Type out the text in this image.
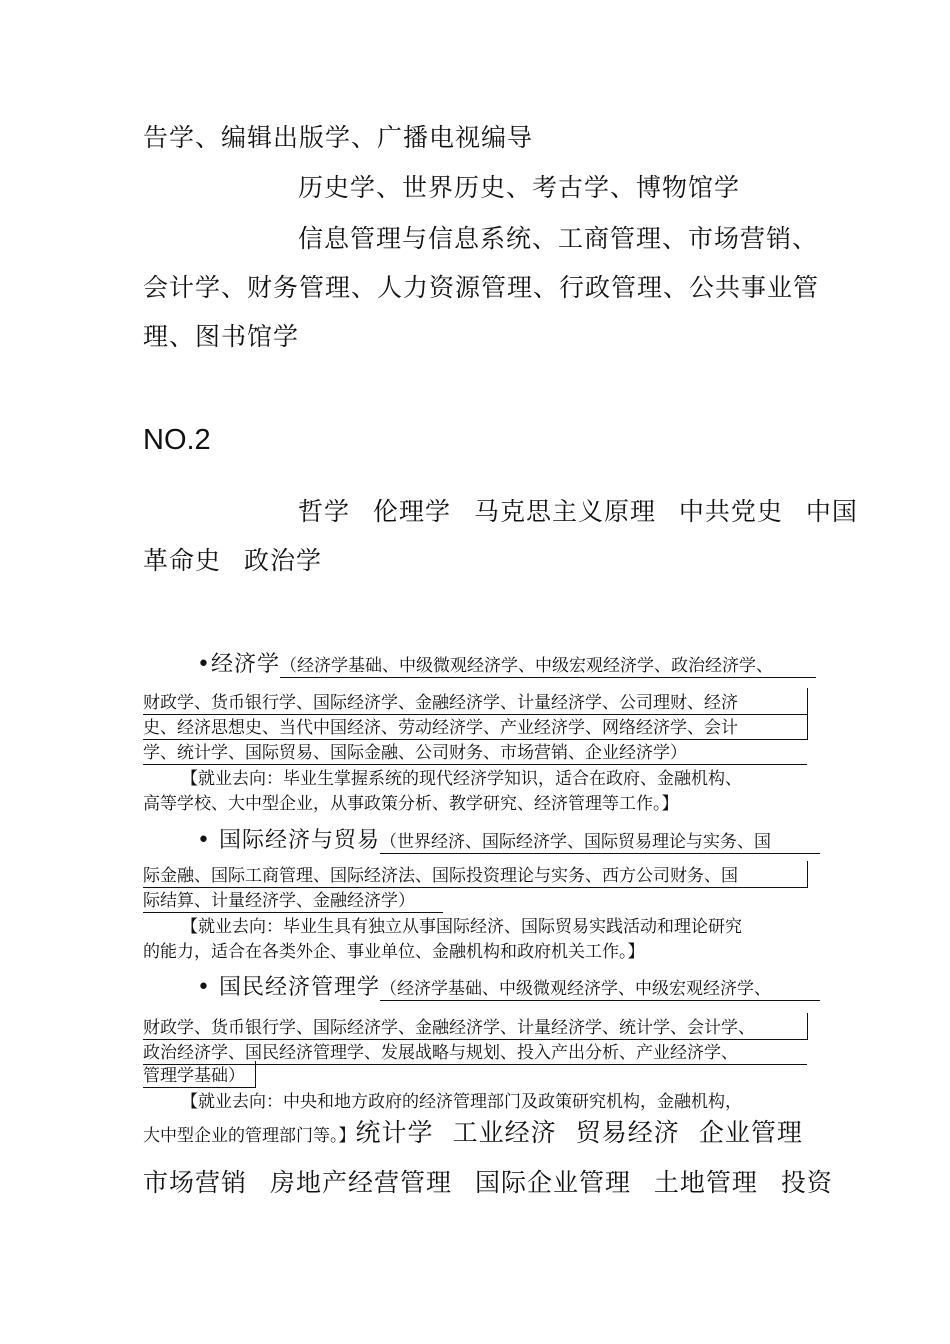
告学、编辑出版学、广播电视编导
历史学、世界历史、考古学、博物馆学
信息管理与信息系统、工商管理、市场营销、
会计学、财务管理、人力资源管理、行政管理、公共事业管
理、图书馆学
NO.2
哲学 伦理学 马克思主义原理 中共党史 中国
革命史 政治学
•经济学（经济学基础、中级微观经济学、中级宏观经济学、政治经济学、
财政学、货币银行学、国际经济学、金融经济学、计量经济学、公司理财、经济
史、经济思想史、当代中国经济、劳动经济学、产业经济学、网络经济学、会计
学、统计学、国际贸易、国际金融、公司财务、市场营销、企业经济学）
【就业去向：毕业生掌握系统的现代经济学知识，适合在政府、金融机构、
高等学校、大中型企业，从事政策分析、教学研究、经济管理等工作。】
• 国际经济与贸易（世界经济、国际经济学、国际贸易理论与实务、国
际金融、国际工商管理、国际经济法、国际投资理论与实务、西方公司财务、国
际结算、计量经济学、金融经济学）
【就业去向：毕业生具有独立从事国际经济、国际贸易实践活动和理论研究
的能力，适合在各类外企、事业单位、金融机构和政府机关工作。】
• 国民经济管理学（经济学基础、中级微观经济学、中级宏观经济学、
财政学、货币银行学、国际经济学、金融经济学、计量经济学、统计学、会计学、
政治经济学、国民经济管理学、发展战略与规划、投入产出分析、产业经济学、
管理学基础）
【就业去向：中央和地方政府的经济管理部门及政策研究机构，金融机构，
大中型企业的管理部门等。】统计学 工业经济 贸易经济 企业管理
市场营销 房地产经营管理 国际企业管理 土地管理 投资
